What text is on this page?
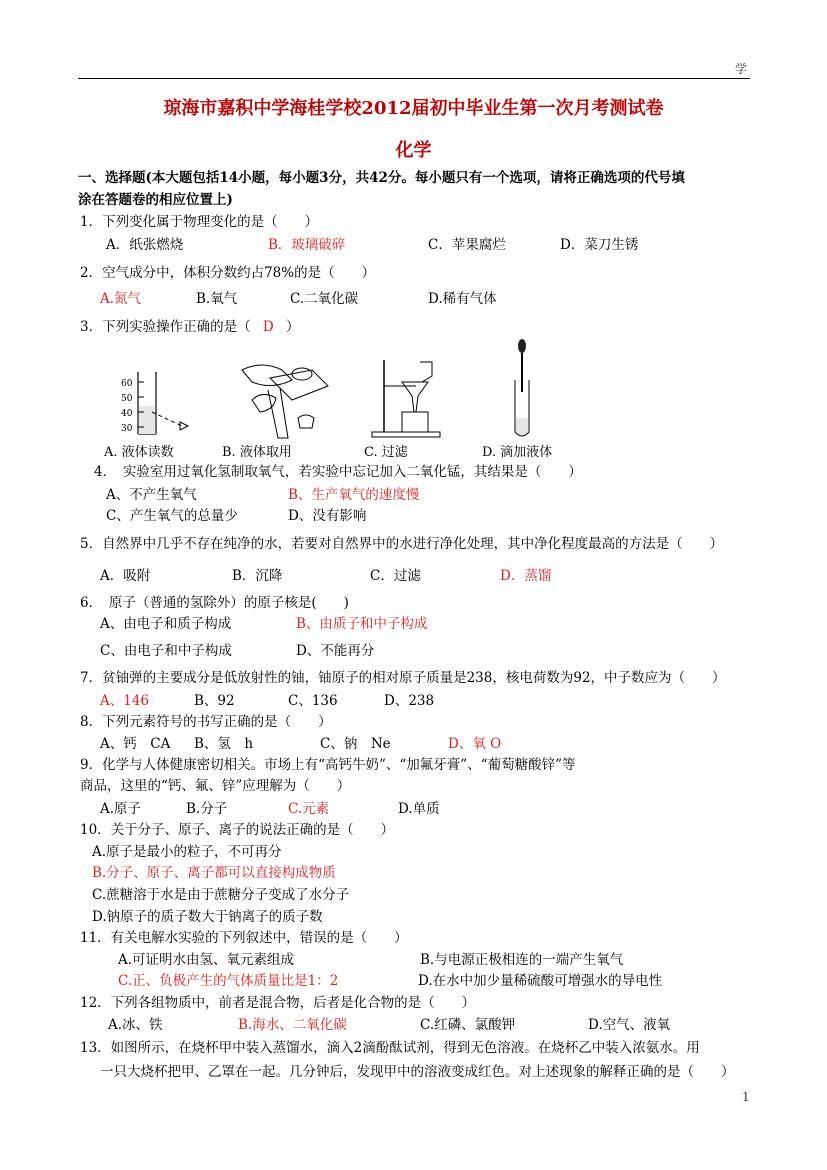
学
琼海市嘉积中学海桂学校2012届初中毕业生第一次月考测试卷
化学
一、选择题(本大题包括14小题，每小题3分，共42分。每小题只有一个选项，请将正确选项的代号填
涂在答题卷的相应位置上)
1．下列变化属于物理变化的是（　　）
A．纸张燃烧	B．玻璃破碎	C．苹果腐烂	D．菜刀生锈
2．空气成分中，体积分数约占78%的是（　　）
A.氮气	B.氧气	C.二氧化碳	D.稀有气体
3．下列实验操作正确的是（ D ）
60
50
40
30
A. 液体读数	B. 液体取用	C. 过滤	D. 滴加液体
4．　实验室用过氧化氢制取氧气，若实验中忘记加入二氧化锰，其结果是（　　）
A、不产生氧气	B、生产氧气的速度慢
C、产生氧气的总量少	D、没有影响
5．自然界中几乎不存在纯净的水，若要对自然界中的水进行净化处理，其中净化程度最高的方法是（　　）
A．吸附	B．沉降	C．过滤	D．蒸馏
6．　原子（普通的氢除外）的原子核是(　　)
A、由电子和质子构成	B、由质子和中子构成
C、由电子和中子构成	D、不能再分
7．贫铀弹的主要成分是低放射性的铀，铀原子的相对原子质量是238，核电荷数为92，中子数应为（　　）
A、146	B、92	C、136	D、238
8．下列元素符号的书写正确的是（　　）
A、钙　CA B、氢　h	C、钠　Ne	D、氧 O
9．化学与人体健康密切相关。市场上有“高钙牛奶”、“加氟牙膏”、“葡萄糖酸锌”等
商品，这里的“钙、氟、锌”应理解为（　　）
A.原子	B.分子	C.元素	D.单质
10．关于分子、原子、离子的说法正确的是（　　）
A.原子是最小的粒子，不可再分
B.分子、原子、离子都可以直接构成物质
C.蔗糖溶于水是由于蔗糖分子变成了水分子
D.钠原子的质子数大于钠离子的质子数
11．有关电解水实验的下列叙述中，错误的是（　　）
A.可证明水由氢、氧元素组成	B.与电源正极相连的一端产生氧气
C.正、负极产生的气体质量比是1：2	D.在水中加少量稀硫酸可增强水的导电性
12．下列各组物质中，前者是混合物，后者是化合物的是（　　）
A.冰、铁	B.海水、二氧化碳	C.红磷、氯酸钾	D.空气、液氧
13．如图所示，在烧杯甲中装入蒸馏水，滴入2滴酚酞试剂，得到无色溶液。在烧杯乙中装入浓氨水。用
一只大烧杯把甲、乙罩在一起。几分钟后，发现甲中的溶液变成红色。对上述现象的解释正确的是（　　）
1
